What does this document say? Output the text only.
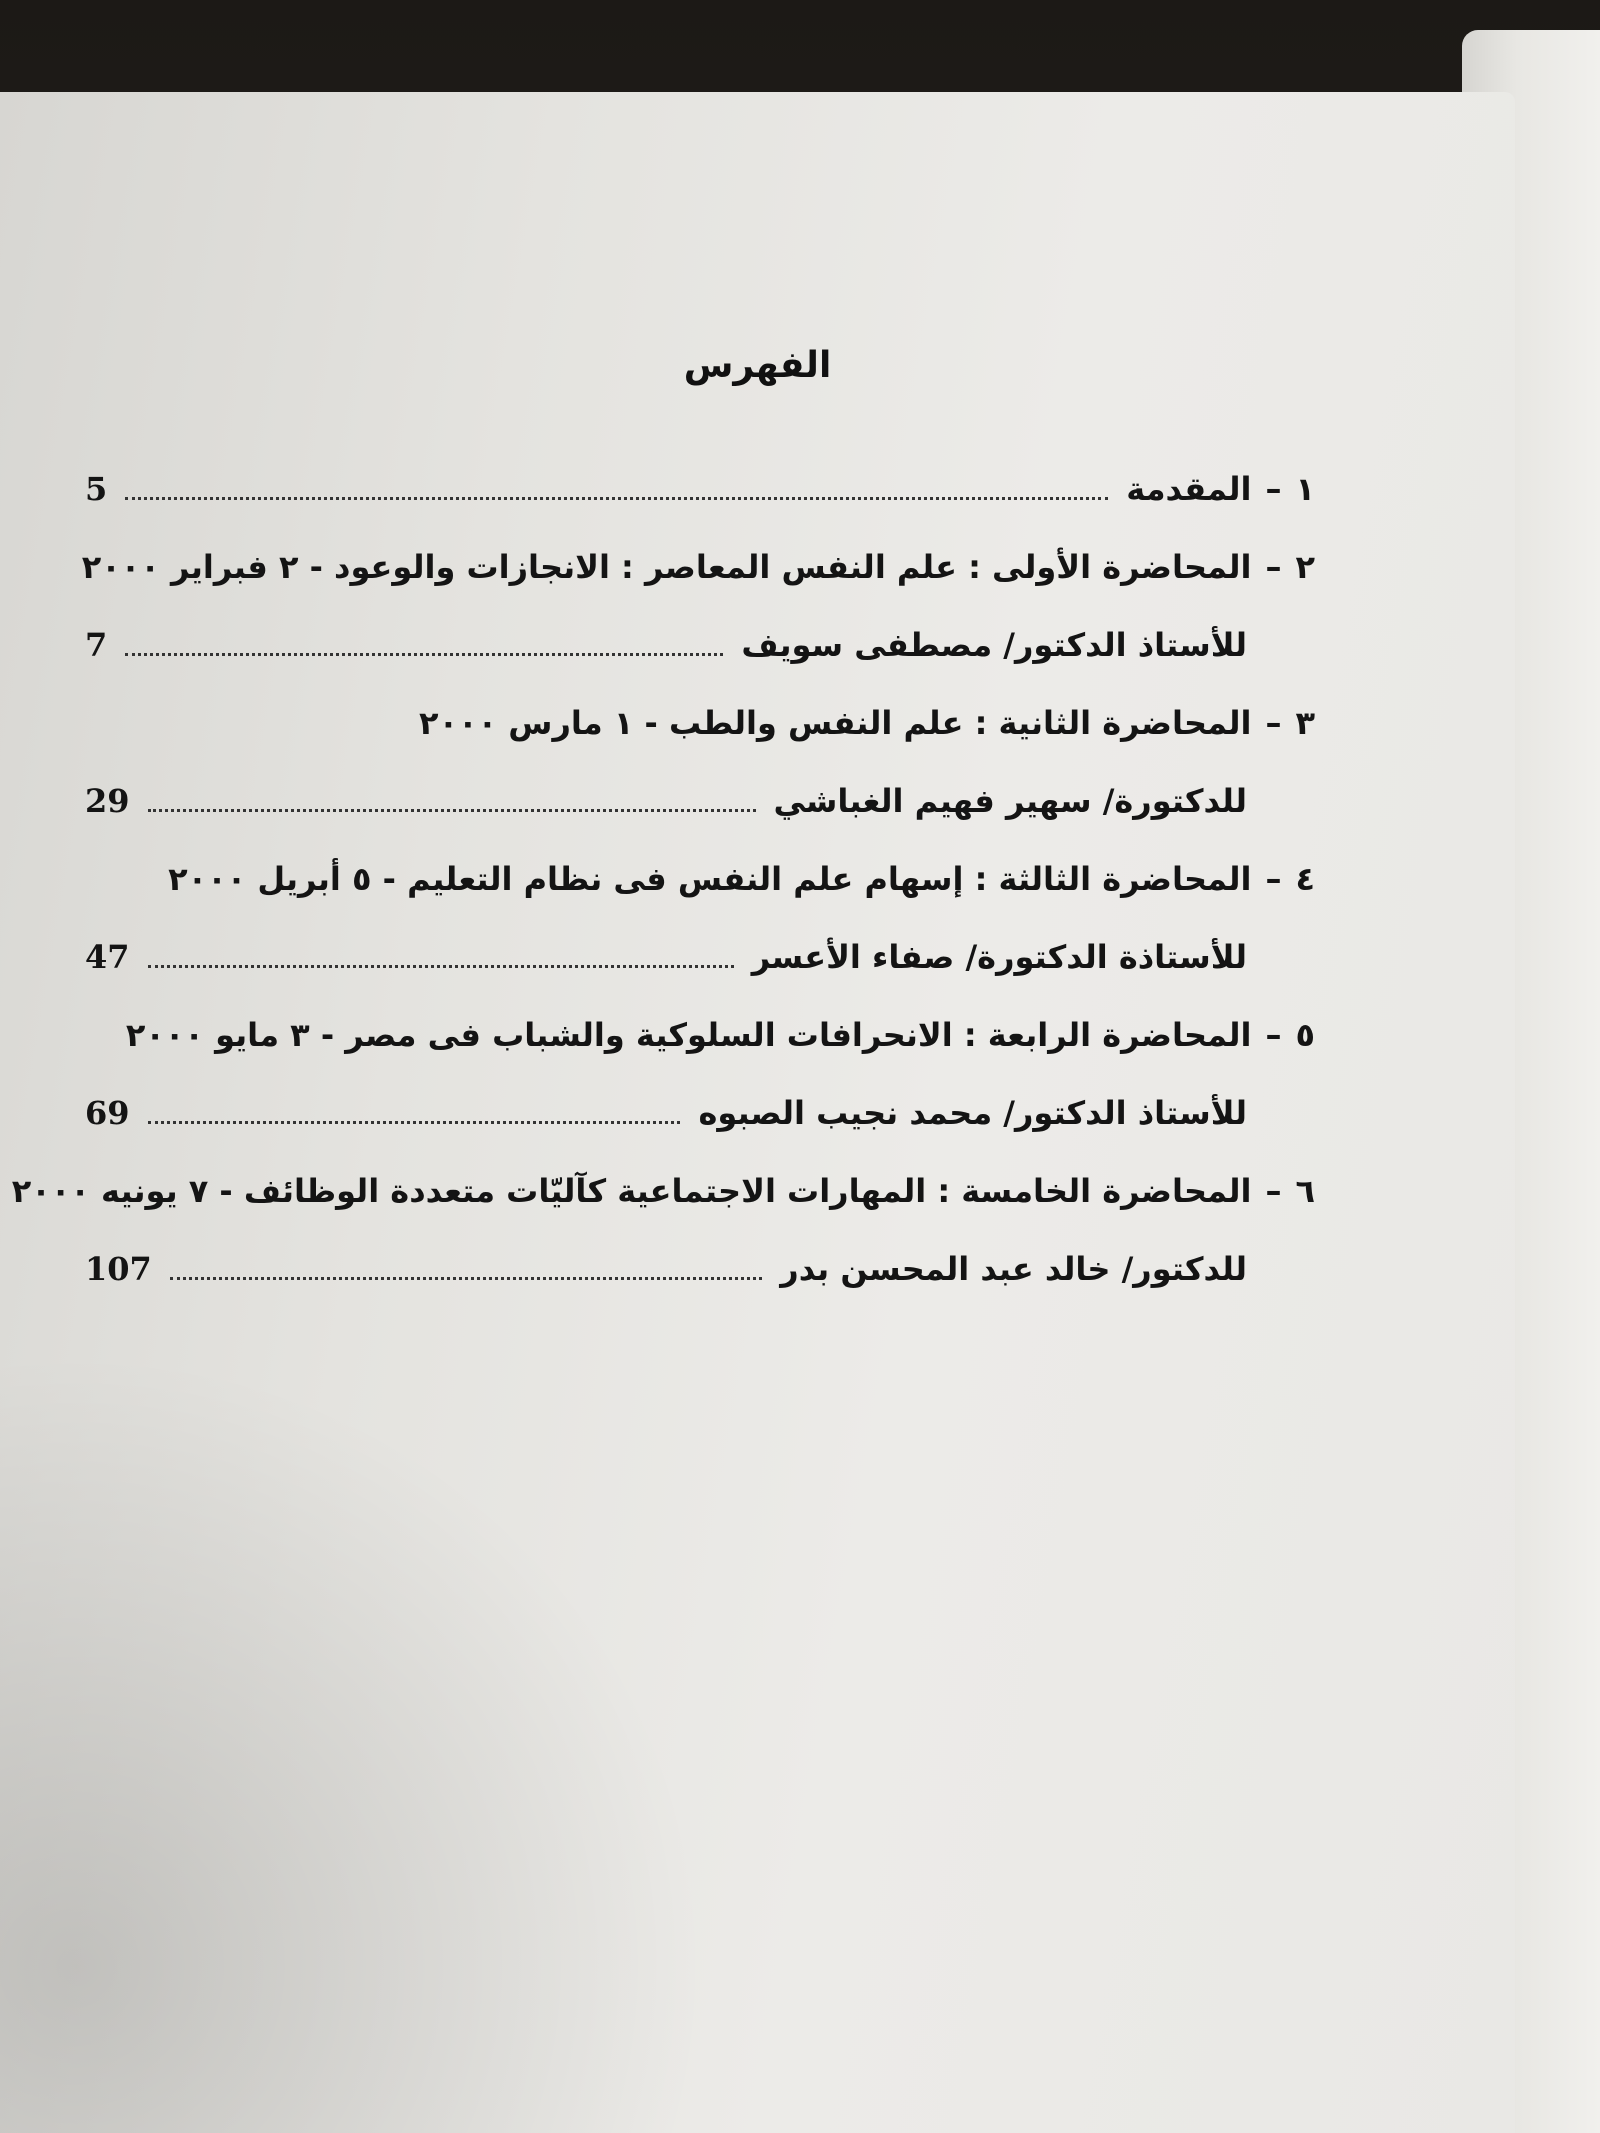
الفهرس
١
–
المقدمة
5
٢
–
المحاضرة الأولى : علم النفس المعاصر : الانجازات والوعود - ٢ فبراير ٢٠٠٠
للأستاذ الدكتور/ مصطفى سويف
7
٣
–
المحاضرة الثانية : علم النفس والطب - ١ مارس ٢٠٠٠
للدكتورة/ سهير فهيم الغباشي
29
٤
–
المحاضرة الثالثة : إسهام علم النفس فى نظام التعليم - ٥ أبريل ٢٠٠٠
للأستاذة الدكتورة/ صفاء الأعسر
47
٥
–
المحاضرة الرابعة : الانحرافات السلوكية والشباب فى مصر - ٣ مايو ٢٠٠٠
للأستاذ الدكتور/ محمد نجيب الصبوه
69
٦
–
المحاضرة الخامسة : المهارات الاجتماعية كآليّات متعددة الوظائف - ٧ يونيه ٢٠٠٠
للدكتور/ خالد عبد المحسن بدر
107
